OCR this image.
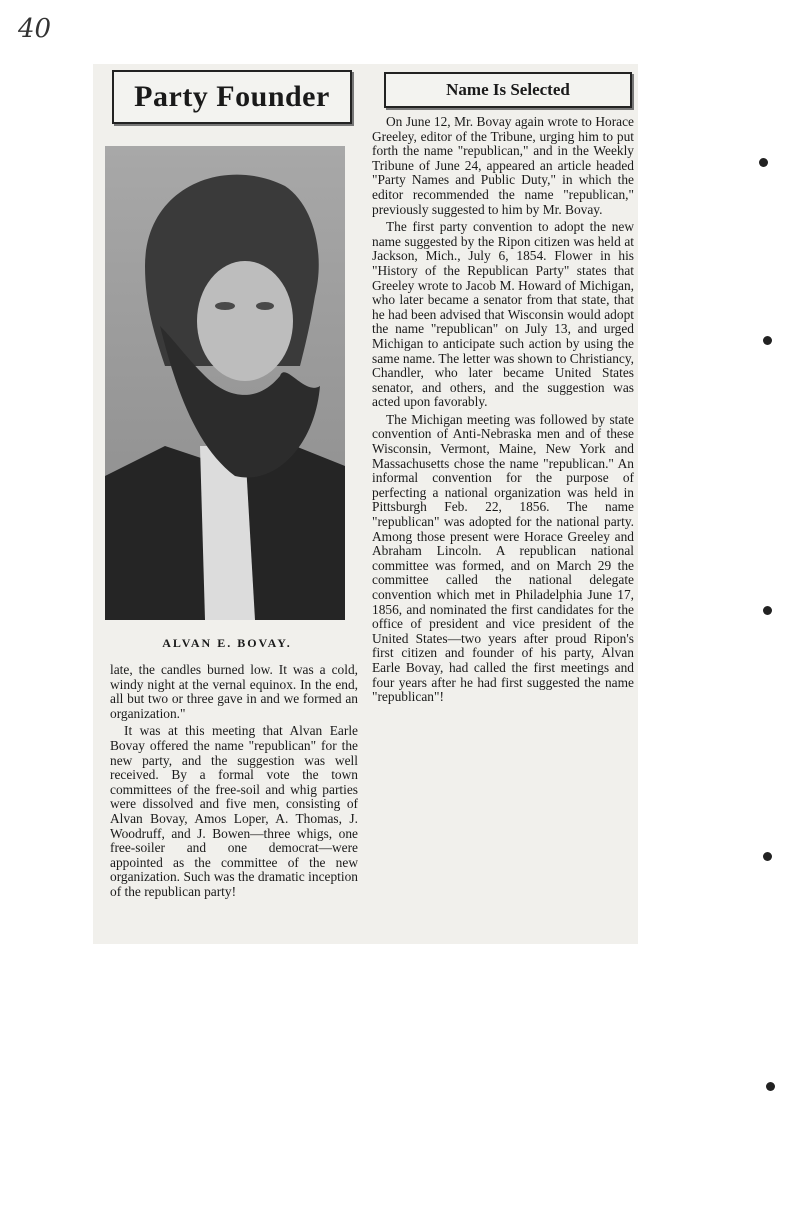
40
Party Founder
ALVAN E. BOVAY.

late, the candles burned low. It was a cold, windy night at the vernal equinox. In the end, all but two or three gave in and we formed an organization."

It was at this meeting that Alvan Earle Bovay offered the name "republican" for the new party, and the suggestion was well received. By a formal vote the town committees of the free-soil and whig parties were dissolved and five men, consisting of Alvan Bovay, Amos Loper, A. Thomas, J. Woodruff, and J. Bowen—three whigs, one free-soiler and one democrat—were appointed as the committee of the new organization. Such was the dramatic inception of the republican party!

Name Is Selected

On June 12, Mr. Bovay again wrote to Horace Greeley, editor of the Tribune, urging him to put forth the name "republican," and in the Weekly Tribune of June 24, appeared an article headed "Party Names and Public Duty," in which the editor recommended the name "republican," previously suggested to him by Mr. Bovay.

The first party convention to adopt the new name suggested by the Ripon citizen was held at Jackson, Mich., July 6, 1854. Flower in his "History of the Republican Party" states that Greeley wrote to Jacob M. Howard of Michigan, who later became a senator from that state, that he had been advised that Wisconsin would adopt the name "republican" on July 13, and urged Michigan to anticipate such action by using the same name. The letter was shown to Christiancy, Chandler, who later became United States senator, and others, and the suggestion was acted upon favorably.

The Michigan meeting was followed by state convention of Anti-Nebraska men and of these Wisconsin, Vermont, Maine, New York and Massachusetts chose the name "republican." An informal convention for the purpose of perfecting a national organization was held in Pittsburgh Feb. 22, 1856. The name "republican" was adopted for the national party. Among those present were Horace Greeley and Abraham Lincoln. A republican national committee was formed, and on March 29 the committee called the national delegate convention which met in Philadelphia June 17, 1856, and nominated the first candidates for the office of president and vice president of the United States—two years after proud Ripon's first citizen and founder of his party, Alvan Earle Bovay, had called the first meetings and four years after he had first suggested the name "republican"!
